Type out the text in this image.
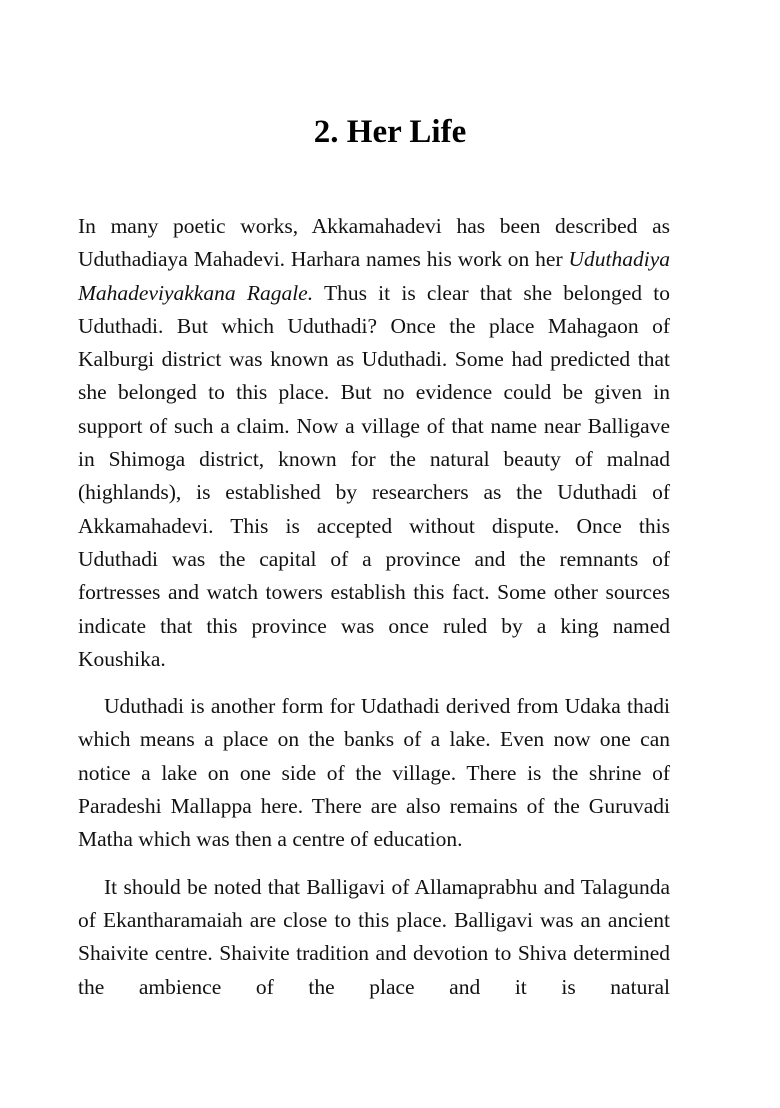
2. Her Life

In many poetic works, Akkamahadevi has been described as Uduthadiaya Mahadevi. Harhara names his work on her Uduthadiya Mahadeviyakkana Ragale. Thus it is clear that she belonged to Uduthadi. But which Uduthadi? Once the place Mahagaon of Kalburgi district was known as Uduthadi. Some had predicted that she belonged to this place. But no evidence could be given in support of such a claim. Now a village of that name near Balligave in Shimoga district, known for the natural beauty of malnad (highlands), is established by researchers as the Uduthadi of Akkamahadevi. This is accepted without dispute. Once this Uduthadi was the capital of a province and the remnants of fortresses and watch towers establish this fact. Some other sources indicate that this province was once ruled by a king named Koushika.

Uduthadi is another form for Udathadi derived from Udaka thadi which means a place on the banks of a lake. Even now one can notice a lake on one side of the village. There is the shrine of Paradeshi Mallappa here. There are also remains of the Guruvadi Matha which was then a centre of education.

It should be noted that Balligavi of Allamaprabhu and Talagunda of Ekantharamaiah are close to this place. Balligavi was an ancient Shaivite centre. Shaivite tradition and devotion to Shiva determined the ambience of the place and it is natural
